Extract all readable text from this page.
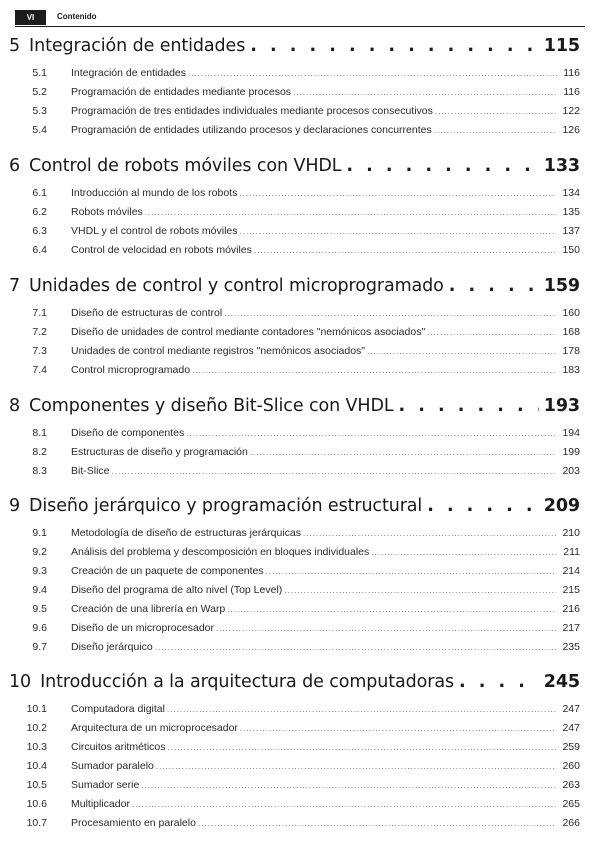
VI	Contenido
5 Integración de entidades . . .	115
5.1	Integración de entidades .....	116
5.2	Programación de entidades mediante procesos .....	116
5.3	Programación de tres entidades individuales mediante procesos consecutivos .....	122
5.4	Programación de entidades utilizando procesos y declaraciones concurrentes .....	126
6 Control de robots móviles con VHDL . . .	133
6.1	Introducción al mundo de los robots .....	134
6.2	Robots móviles .....	135
6.3	VHDL y el control de robots móviles .....	137
6.4	Control de velocidad en robots móviles .....	150
7 Unidades de control y control microprogramado . . .	159
7.1	Diseño de estructuras de control .....	160
7.2	Diseño de unidades de control mediante contadores "nemónicos asociados" .....	168
7.3	Unidades de control mediante registros "nemónicos asociados" .....	178
7.4	Control microprogramado .....	183
8 Componentes y diseño Bit-Slice con VHDL . . .	193
8.1	Diseño de componentes .....	194
8.2	Estructuras de diseño y programación .....	199
8.3	Bit-Slice .....	203
9 Diseño jerárquico y programación estructural . . .	209
9.1	Metodología de diseño de estructuras jerárquicas .....	210
9.2	Análisis del problema y descomposición en bloques individuales .....	211
9.3	Creación de un paquete de componentes .....	214
9.4	Diseño del programa de alto nivel (Top Level) .....	215
9.5	Creación de una librería en Warp .....	216
9.6	Diseño de un microprocesador .....	217
9.7	Diseño jerárquico .....	235
10 Introducción a la arquitectura de computadoras . . .	245
10.1	Computadora digital .....	247
10.2	Arquitectura de un microprocesador .....	247
10.3	Circuitos aritméticos .....	259
10.4	Sumador paralelo .....	260
10.5	Sumador serie .....	263
10.6	Multiplicador .....	265
10.7	Procesamiento en paralelo .....	266
